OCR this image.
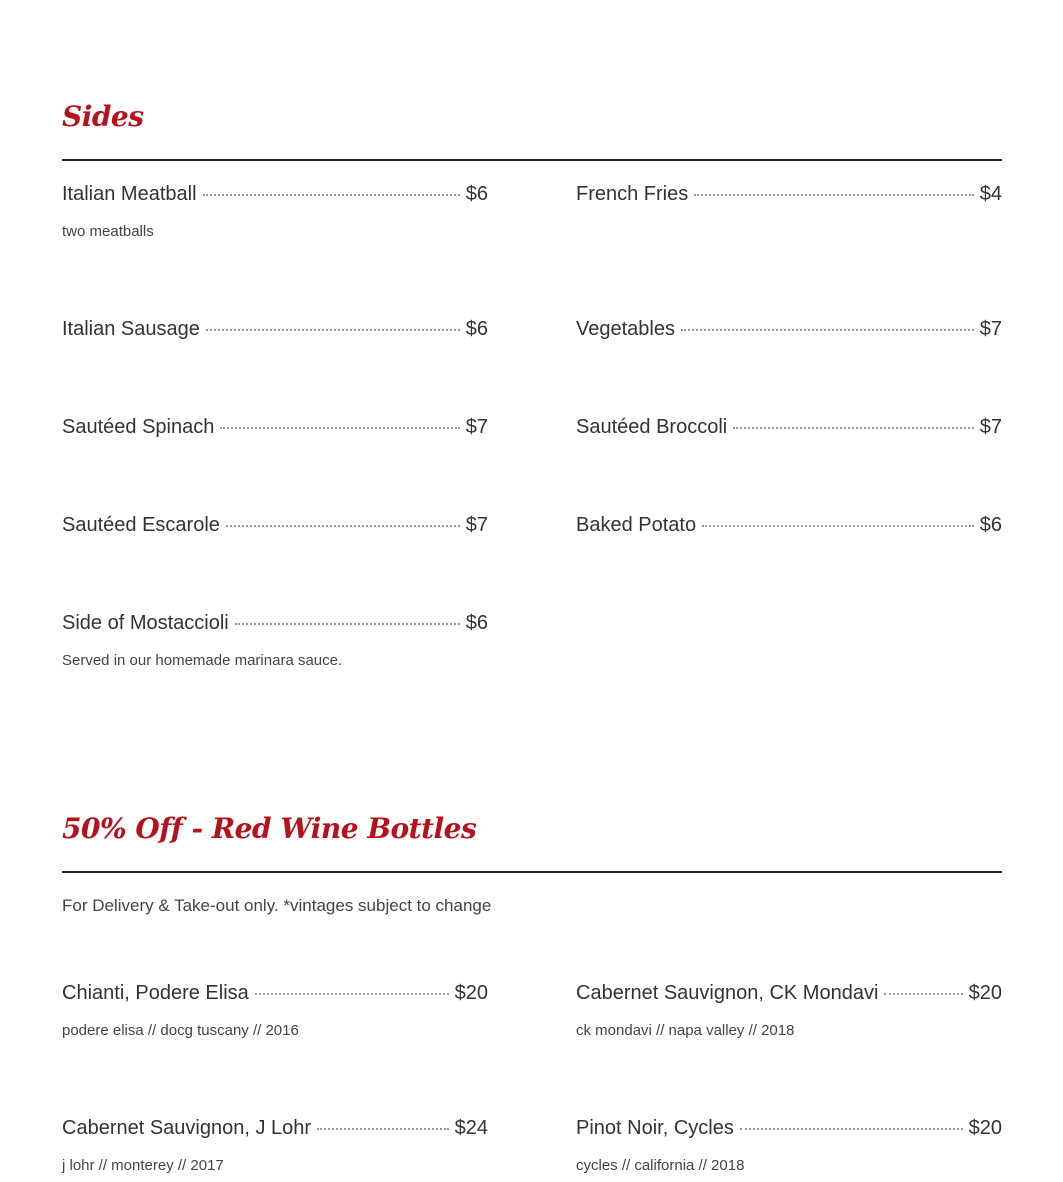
Sides
Italian Meatball	$6
two meatballs
Italian Sausage	$6
Sautéed Spinach	$7
Sautéed Escarole	$7
Side of Mostaccioli	$6
Served in our homemade marinara sauce.
French Fries	$4
Vegetables	$7
Sautéed Broccoli	$7
Baked Potato	$6
50% Off - Red Wine Bottles
For Delivery & Take-out only. *vintages subject to change
Chianti, Podere Elisa	$20
podere elisa // docg tuscany // 2016
Cabernet Sauvignon, J Lohr	$24
j lohr // monterey // 2017
Cabernet Sauvignon, CK Mondavi	$20
ck mondavi // napa valley // 2018
Pinot Noir, Cycles	$20
cycles // california // 2018
